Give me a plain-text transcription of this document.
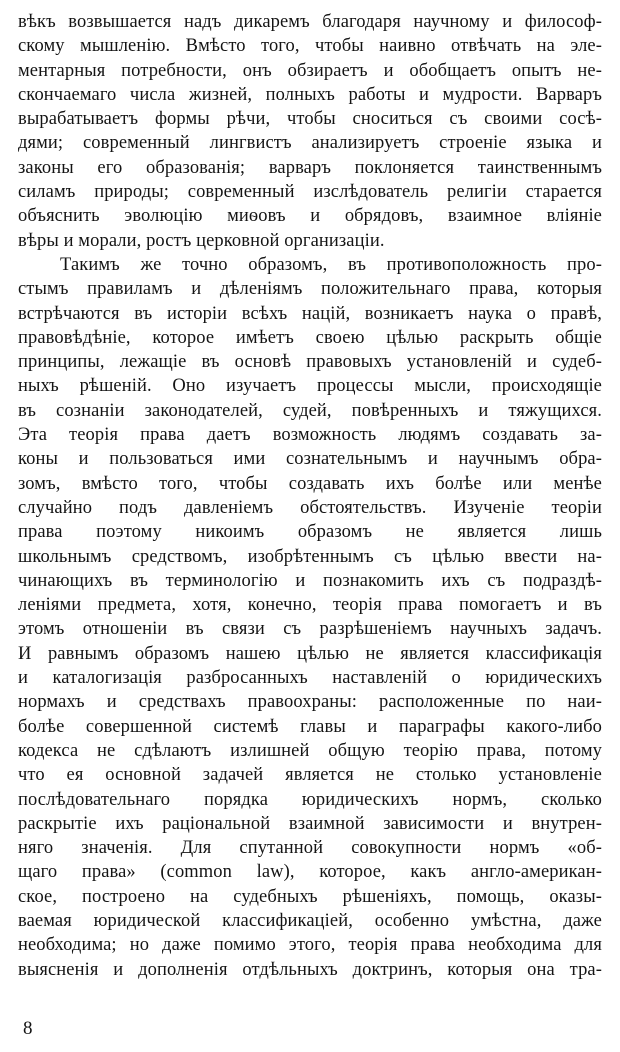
вѣкъ возвышается надъ дикаремъ благодаря научному и философ-
скому мышленію. Вмѣсто того, чтобы наивно отвѣчать на эле-
ментарныя потребности, онъ обзираетъ и обобщаетъ опытъ не-
скончаемаго числа жизней, полныхъ работы и мудрости. Варваръ
вырабатываетъ формы рѣчи, чтобы сноситься съ своими сосѣ-
дями; современный лингвистъ анализируетъ строеніе языка и
законы его образованія; варваръ поклоняется таинственнымъ
силамъ природы; современный изслѣдователь религіи старается
объяснить эволюцію миѳовъ и обрядовъ, взаимное вліяніе
вѣры и морали, ростъ церковной организаціи.
Такимъ же точно образомъ, въ противоположность про-
стымъ правиламъ и дѣленіямъ положительнаго права, которыя
встрѣчаются въ исторіи всѣхъ націй, возникаетъ наука о правѣ,
правовѣдѣніе, которое имѣетъ своею цѣлью раскрыть общіе
принципы, лежащіе въ основѣ правовыхъ установленій и судеб-
ныхъ рѣшеній. Оно изучаетъ процессы мысли, происходящіе
въ сознаніи законодателей, судей, повѣренныхъ и тяжущихся.
Эта теорія права даетъ возможность людямъ создавать за-
коны и пользоваться ими сознательнымъ и научнымъ обра-
зомъ, вмѣсто того, чтобы создавать ихъ болѣе или менѣе
случайно подъ давленіемъ обстоятельствъ. Изученіе теоріи
права поэтому никоимъ образомъ не является лишь
школьнымъ средствомъ, изобрѣтеннымъ съ цѣлью ввести на-
чинающихъ въ терминологію и познакомить ихъ съ подраздѣ-
леніями предмета, хотя, конечно, теорія права помогаетъ и въ
этомъ отношеніи въ связи съ разрѣшеніемъ научныхъ задачъ.
И равнымъ образомъ нашею цѣлью не является классификація
и каталогизація разбросанныхъ наставленій о юридическихъ
нормахъ и средствахъ правоохраны: расположенные по наи-
болѣе совершенной системѣ главы и параграфы какого-либо
кодекса не сдѣлаютъ излишней общую теорію права, потому
что ея основной задачей является не столько установленіе
послѣдовательнаго порядка юридическихъ нормъ, сколько
раскрытіе ихъ раціональной взаимной зависимости и внутрен-
няго значенія. Для спутанной совокупности нормъ «об-
щаго права» (common law), которое, какъ англо-американ-
ское, построено на судебныхъ рѣшеніяхъ, помощь, оказы-
ваемая юридической классификаціей, особенно умѣстна, даже
необходима; но даже помимо этого, теорія права необходима для
выясненія и дополненія отдѣльныхъ доктринъ, которыя она тра-
8
